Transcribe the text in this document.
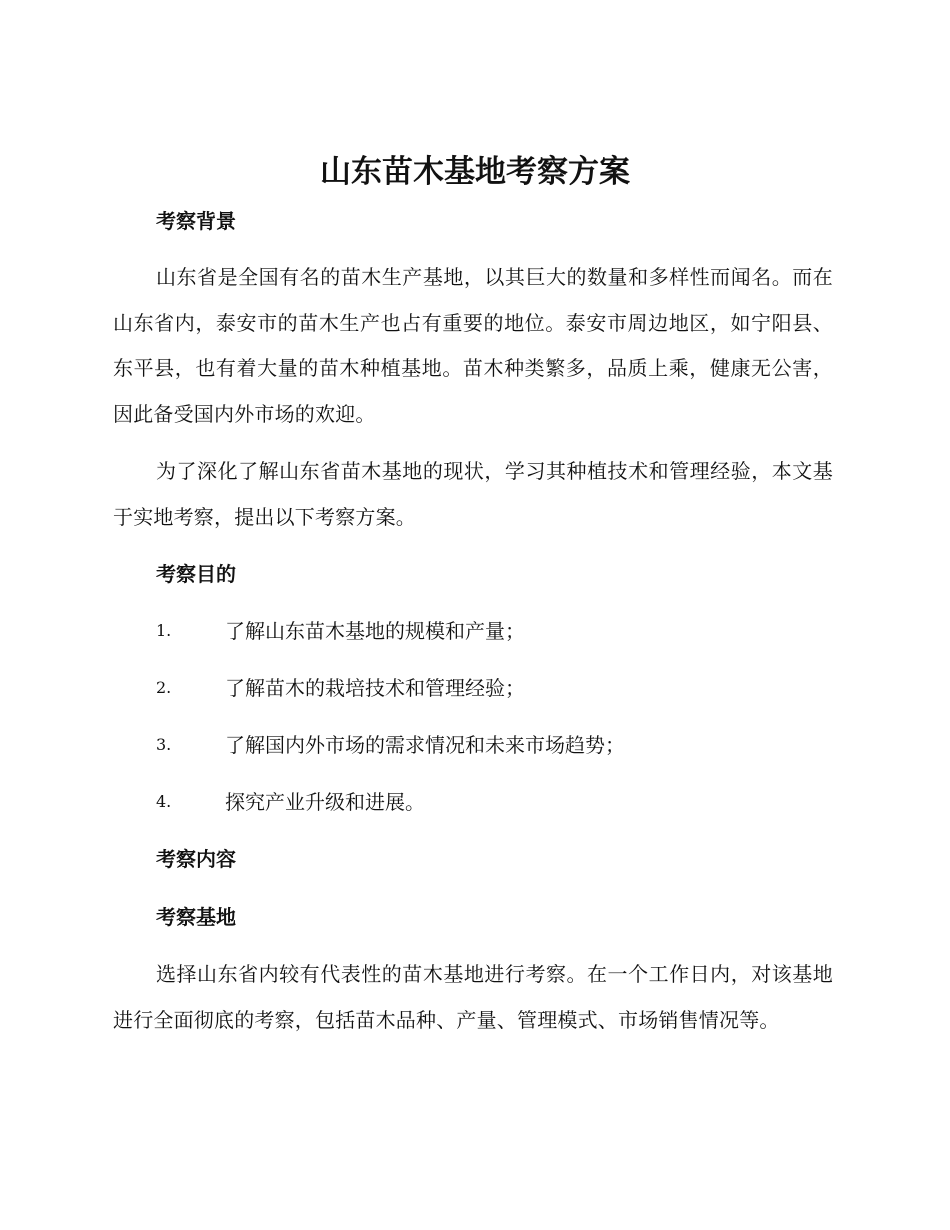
山东苗木基地考察方案
考察背景

山东省是全国有名的苗木生产基地，以其巨大的数量和多样性而闻名。而在山东省内，泰安市的苗木生产也占有重要的地位。泰安市周边地区，如宁阳县、东平县，也有着大量的苗木种植基地。苗木种类繁多，品质上乘，健康无公害，因此备受国内外市场的欢迎。

为了深化了解山东省苗木基地的现状，学习其种植技术和管理经验，本文基于实地考察，提出以下考察方案。

考察目的
1.	了解山东苗木基地的规模和产量；
2.	了解苗木的栽培技术和管理经验；
3.	了解国内外市场的需求情况和未来市场趋势；
4.	探究产业升级和进展。
考察内容
考察基地

选择山东省内较有代表性的苗木基地进行考察。在一个工作日内，对该基地进行全面彻底的考察，包括苗木品种、产量、管理模式、市场销售情况等。
